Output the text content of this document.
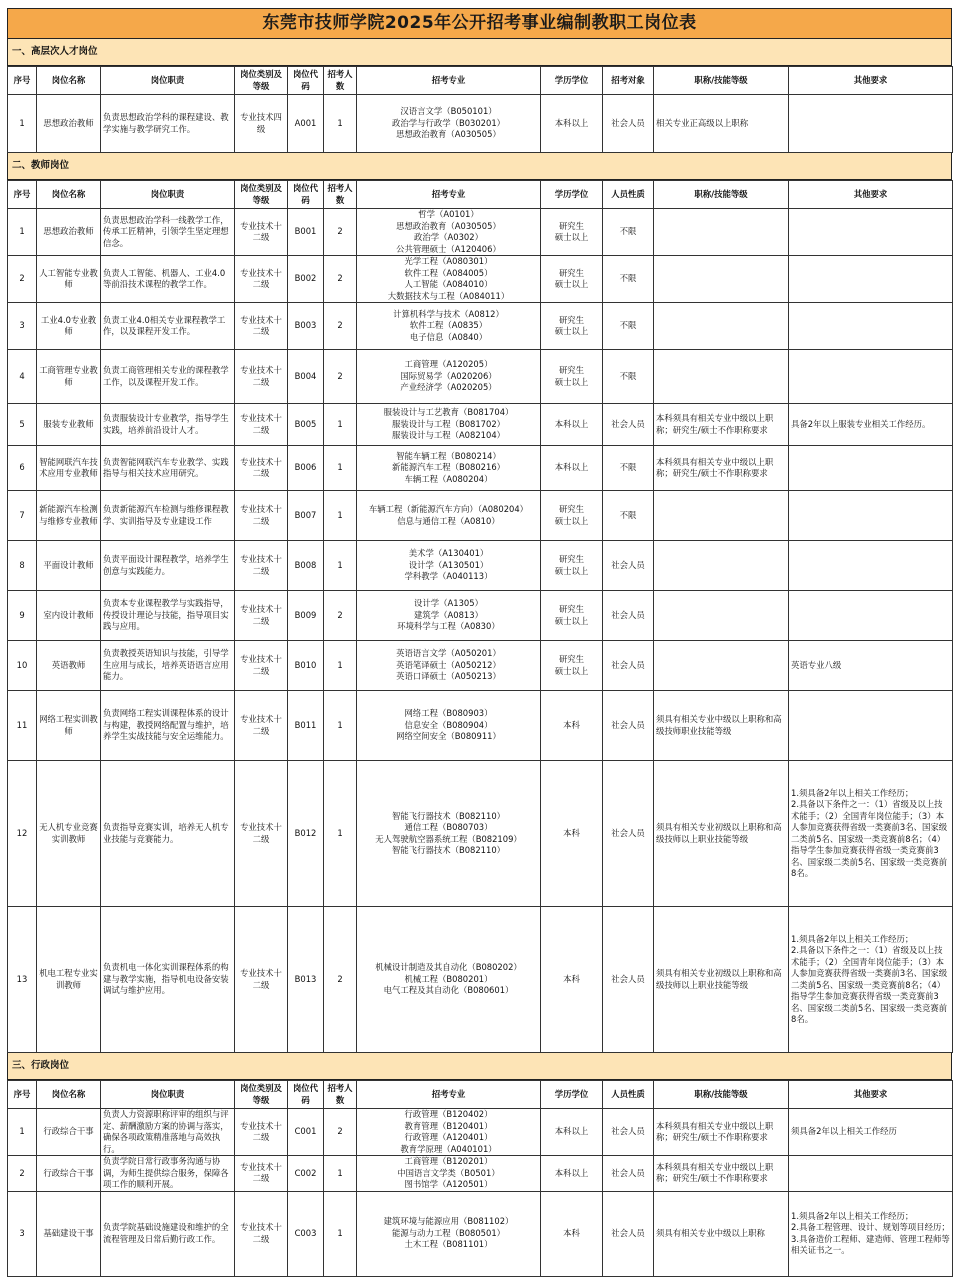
东莞市技师学院2025年公开招考事业编制教职工岗位表
一、高层次人才岗位
序号	岗位名称	岗位职责	岗位类别及等级	岗位代码	招考人数	招考专业	学历学位	招考对象	职称/技能等级	其他要求
1	思想政治教师	负责思想政治学科的课程建设、教学实施与教学研究工作。	专业技术四级	A001	1	汉语言文学（B050101）
政治学与行政学（B030201）
思想政治教育（A030505）	本科以上	社会人员	相关专业正高级以上职称	
二、教师岗位
序号	岗位名称	岗位职责	岗位类别及等级	岗位代码	招考人数	招考专业	学历学位	人员性质	职称/技能等级	其他要求
1	思想政治教师	负责思想政治学科一线教学工作，传承工匠精神，引领学生坚定理想信念。	专业技术十二级	B001	2	哲学（A0101）
思想政治教育（A030505）
政治学（A0302）
公共管理硕士（A120406）	研究生
硕士以上	不限		
2	人工智能专业教师	负责人工智能、机器人、工业4.0等前沿技术课程的教学工作。	专业技术十二级	B002	2	光学工程（A080301）
软件工程（A084005）
人工智能（A084010）
大数据技术与工程（A084011）	研究生
硕士以上	不限		
3	工业4.0专业教师	负责工业4.0相关专业课程教学工作，以及课程开发工作。	专业技术十二级	B003	2	计算机科学与技术（A0812）
软件工程（A0835）
电子信息（A0840）	研究生
硕士以上	不限		
4	工商管理专业教师	负责工商管理相关专业的课程教学工作，以及课程开发工作。	专业技术十二级	B004	2	工商管理（A120205）
国际贸易学（A020206）
产业经济学（A020205）	研究生
硕士以上	不限		
5	服装专业教师	负责服装设计专业教学，指导学生实践，培养前沿设计人才。	专业技术十二级	B005	1	服装设计与工艺教育（B081704）
服装设计与工程（B081702）
服装设计与工程（A082104）	本科以上	社会人员	本科须具有相关专业中级以上职称；研究生/硕士不作职称要求	具备2年以上服装专业相关工作经历。
6	智能网联汽车技术应用专业教师	负责智能网联汽车专业教学、实践指导与相关技术应用研究。	专业技术十二级	B006	1	智能车辆工程（B080214）
新能源汽车工程（B080216）
车辆工程（A080204）	本科以上	不限	本科须具有相关专业中级以上职称；研究生/硕士不作职称要求	
7	新能源汽车检测与维修专业教师	负责新能源汽车检测与维修课程教学、实训指导及专业建设工作	专业技术十二级	B007	1	车辆工程（新能源汽车方向）（A080204）
信息与通信工程（A0810）	研究生
硕士以上	不限		
8	平面设计教师	负责平面设计课程教学，培养学生创意与实践能力。	专业技术十二级	B008	1	美术学（A130401）
设计学（A130501）
学科教学（A040113）	研究生
硕士以上	社会人员		
9	室内设计教师	负责本专业课程教学与实践指导，传授设计理论与技能，指导项目实践与应用。	专业技术十二级	B009	2	设计学（A1305）
建筑学（A0813）
环境科学与工程（A0830）	研究生
硕士以上	社会人员		
10	英语教师	负责教授英语知识与技能，引导学生应用与成长，培养英语语言应用能力。	专业技术十二级	B010	1	英语语言文学（A050201）
英语笔译硕士（A050212）
英语口译硕士（A050213）	研究生
硕士以上	社会人员		英语专业八级
11	网络工程实训教师	负责网络工程实训课程体系的设计与构建，教授网络配置与维护，培养学生实战技能与安全运维能力。	专业技术十二级	B011	1	网络工程（B080903）
信息安全（B080904）
网络空间安全（B080911）	本科	社会人员	须具有相关专业中级以上职称和高级技师职业技能等级	
12	无人机专业竞赛实训教师	负责指导竞赛实训，培养无人机专业技能与竞赛能力。	专业技术十二级	B012	1	智能飞行器技术（B082110）
通信工程（B080703）
无人驾驶航空器系统工程（B082109）
智能飞行器技术（B082110）	本科	社会人员	须具有相关专业初级以上职称和高级技师以上职业技能等级	1.须具备2年以上相关工作经历；
2.具备以下条件之一：（1）省级及以上技术能手；（2）全国青年岗位能手；（3）本人参加竞赛获得省级一类赛前3名、国家级二类前5名、国家级一类竞赛前8名；（4）指导学生参加竞赛获得省级一类竞赛前3名、国家级二类前5名、国家级一类竞赛前8名。
13	机电工程专业实训教师	负责机电一体化实训课程体系的构建与教学实施，指导机电设备安装调试与维护应用。	专业技术十二级	B013	2	机械设计制造及其自动化（B080202）
机械工程（B080201）
电气工程及其自动化（B080601）	本科	社会人员	须具有相关专业初级以上职称和高级技师以上职业技能等级	1.须具备2年以上相关工作经历；
2.具备以下条件之一：（1）省级及以上技术能手；（2）全国青年岗位能手；（3）本人参加竞赛获得省级一类赛前3名、国家级二类前5名、国家级一类竞赛前8名；（4）指导学生参加竞赛获得省级一类竞赛前3名、国家级二类前5名、国家级一类竞赛前8名。
三、行政岗位
序号	岗位名称	岗位职责	岗位类别及等级	岗位代码	招考人数	招考专业	学历学位	人员性质	职称/技能等级	其他要求
1	行政综合干事	负责人力资源职称评审的组织与评定、薪酬激励方案的协调与落实，确保各项政策精准落地与高效执行。	专业技术十二级	C001	2	行政管理（B120402）
教育管理（B120401）
行政管理（A120401）
教育学原理（A040101）	本科以上	社会人员	本科须具有相关专业中级以上职称；研究生/硕士不作职称要求	须具备2年以上相关工作经历
2	行政综合干事	负责学院日常行政事务沟通与协调，为师生提供综合服务，保障各项工作的顺利开展。	专业技术十二级	C002	1	工商管理（B120201）
中国语言文学类（B0501）
图书馆学（A120501）	本科以上	社会人员	本科须具有相关专业中级以上职称；研究生/硕士不作职称要求	
3	基础建设干事	负责学院基础设施建设和维护的全流程管理及日常后勤行政工作。	专业技术十二级	C003	1	建筑环境与能源应用（B081102）
能源与动力工程（B080501）
土木工程（B081101）	本科	社会人员	须具有相关专业中级以上职称	1.须具备2年以上相关工作经历；
2.具备工程管理、设计、规划等项目经历；
3.具备造价工程师、建造师、管理工程师等相关证书之一。
